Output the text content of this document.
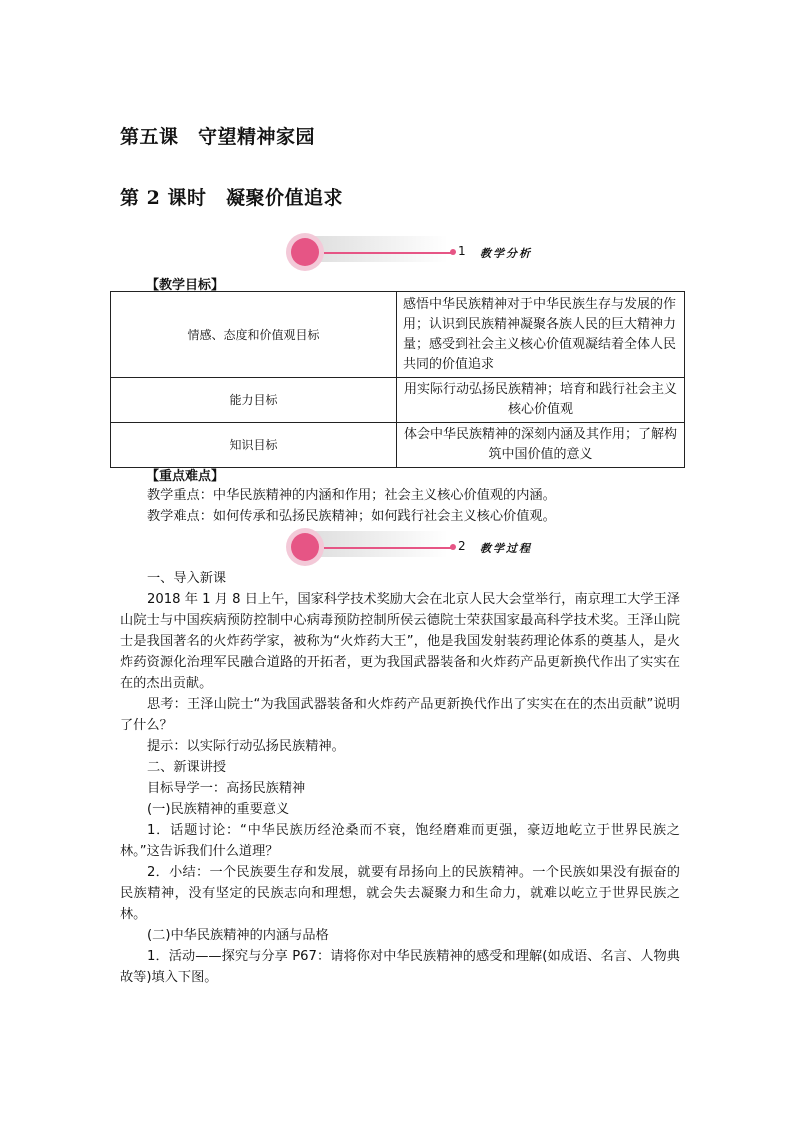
第五课　守望精神家园
第 2 课时　凝聚价值追求
1 教学分析
【教学目标】
情感、态度和价值观目标	感悟中华民族精神对于中华民族生存与发展的作用；认识到民族精神凝聚各族人民的巨大精神力量；感受到社会主义核心价值观凝结着全体人民共同的价值追求
能力目标	用实际行动弘扬民族精神；培育和践行社会主义核心价值观
知识目标	体会中华民族精神的深刻内涵及其作用；了解构筑中国价值的意义
【重点难点】
教学重点：中华民族精神的内涵和作用；社会主义核心价值观的内涵。
教学难点：如何传承和弘扬民族精神；如何践行社会主义核心价值观。
2 教学过程
一、导入新课
2018 年 1 月 8 日上午，国家科学技术奖励大会在北京人民大会堂举行，南京理工大学王泽山院士与中国疾病预防控制中心病毒预防控制所侯云德院士荣获国家最高科学技术奖。王泽山院士是我国著名的火炸药学家，被称为“火炸药大王”，他是我国发射装药理论体系的奠基人，是火炸药资源化治理军民融合道路的开拓者，更为我国武器装备和火炸药产品更新换代作出了实实在在的杰出贡献。
思考：王泽山院士“为我国武器装备和火炸药产品更新换代作出了实实在在的杰出贡献”说明了什么？
提示：以实际行动弘扬民族精神。
二、新课讲授
目标导学一：高扬民族精神
(一)民族精神的重要意义
1．话题讨论：“中华民族历经沧桑而不衰，饱经磨难而更强，豪迈地屹立于世界民族之林。”这告诉我们什么道理？
2．小结：一个民族要生存和发展，就要有昂扬向上的民族精神。一个民族如果没有振奋的民族精神，没有坚定的民族志向和理想，就会失去凝聚力和生命力，就难以屹立于世界民族之林。
(二)中华民族精神的内涵与品格
1．活动——探究与分享 P67：请将你对中华民族精神的感受和理解(如成语、名言、人物典故等)填入下图。
